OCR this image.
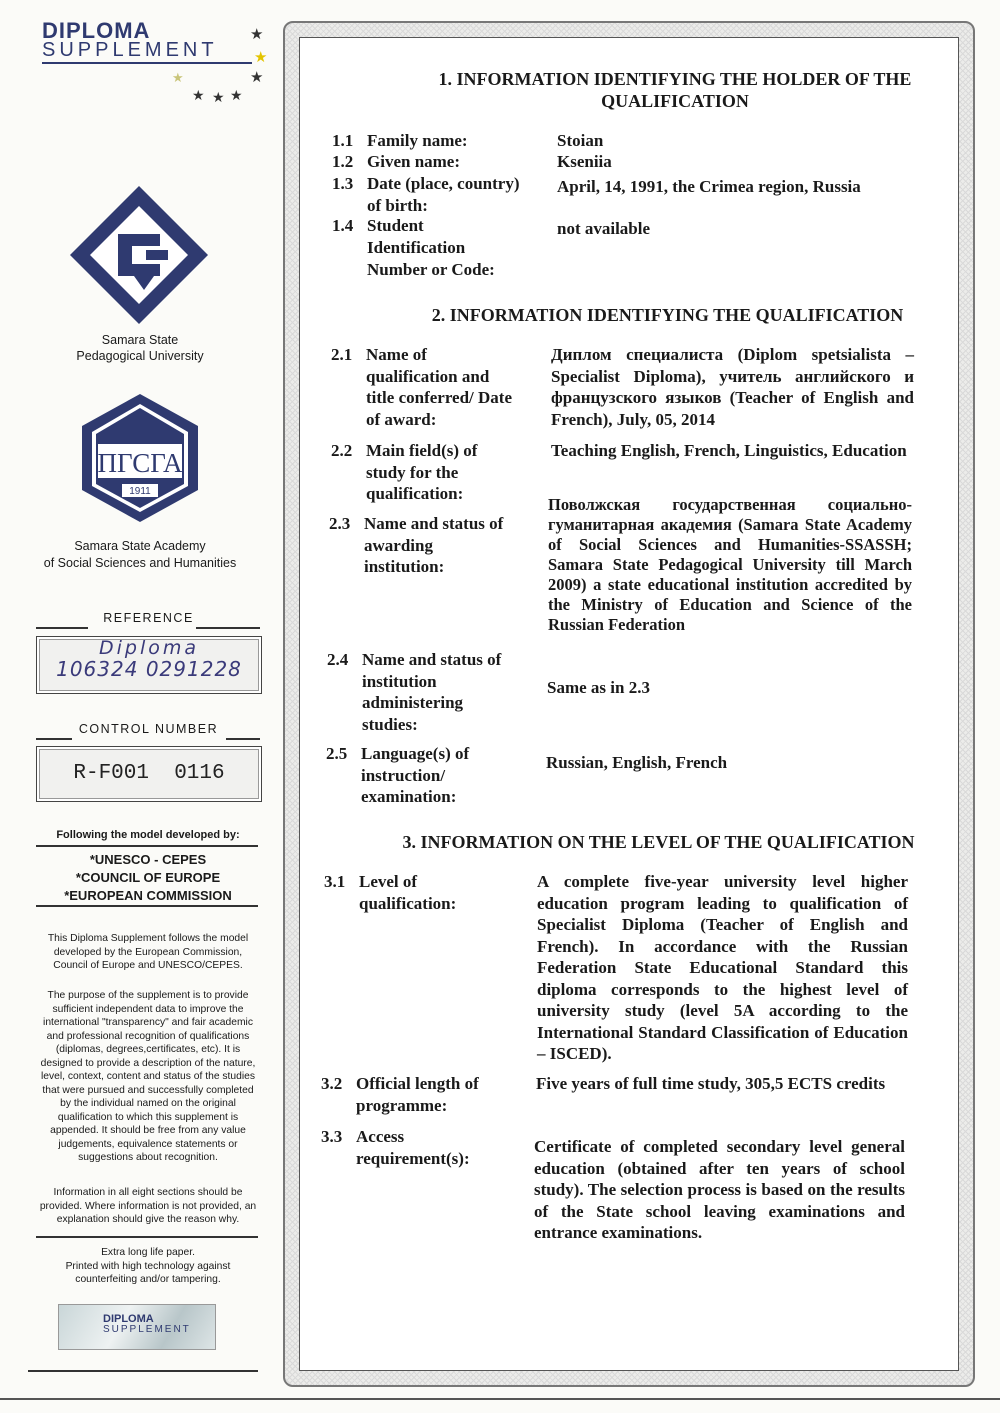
DIPLOMA
SUPPLEMENT
★
★
★
★
★ ★ ★
Samara State
Pedagogical University
ПГСГА
1911
Samara State Academy
of Social Sciences and Humanities
REFERENCE
Diploma
106324 0291228
CONTROL NUMBER
R-F001  0116
Following the model developed by:
*UNESCO - CEPES
*COUNCIL OF EUROPE
*EUROPEAN COMMISSION
This Diploma Supplement follows the model developed by the European Commission, Council of Europe and UNESCO/CEPES.
The purpose of the supplement is to provide sufficient independent data to improve the international "transparency" and fair academic and professional recognition of qualifications (diplomas, degrees,certificates, etc). It is designed to provide a description of the nature, level, context, content and status of the studies that were pursued and successfully completed by the individual named on the original qualification to which this supplement is appended. It should be free from any value judgements, equivalence statements or suggestions about recognition.
Information in all eight sections should be provided. Where information is not provided, an explanation should give the reason why.
Extra long life paper.
Printed with high technology against counterfeiting and/or tampering.
DIPLOMA
SUPPLEMENT
1. INFORMATION IDENTIFYING THE HOLDER OF THE
QUALIFICATION
1.1 Family name:	Stoian
1.2 Given name:	Kseniia
1.3 Date (place, country)
of birth:
April, 14, 1991, the Crimea region, Russia
1.4 Student
Identification
Number or Code:
not available
2. INFORMATION IDENTIFYING THE QUALIFICATION
2.1 Name of
qualification and
title conferred/ Date
of award:
Диплом специалиста (Diplom spetsialista – Specialist Diploma), учитель английского и французского языков (Teacher of English and French), July, 05, 2014
2.2 Main field(s) of
study for the
qualification:
Teaching English, French, Linguistics, Education
2.3 Name and status of
awarding
institution:
Поволжская государственная социально-гуманитарная академия (Samara State Academy of Social Sciences and Humanities-SSASSH; Samara State Pedagogical University till March 2009) a state educational institution accredited by the Ministry of Education and Science of the Russian Federation
2.4 Name and status of
institution
administering
studies:
Same as in 2.3
2.5 Language(s) of
instruction/
examination:
Russian, English, French
3. INFORMATION ON THE LEVEL OF THE QUALIFICATION
3.1 Level of
qualification:
A complete five-year university level higher education program leading to qualification of Specialist Diploma (Teacher of English and French). In accordance with the Russian Federation State Educational Standard this diploma corresponds to the highest level of university study (level 5A according to the International Standard Classification of Education – ISCED).
3.2 Official length of
programme:
Five years of full time study, 305,5 ECTS credits
3.3 Access
requirement(s):
Certificate of completed secondary level general education (obtained after ten years of school study). The selection process is based on the results of the State school leaving examinations and entrance examinations.
